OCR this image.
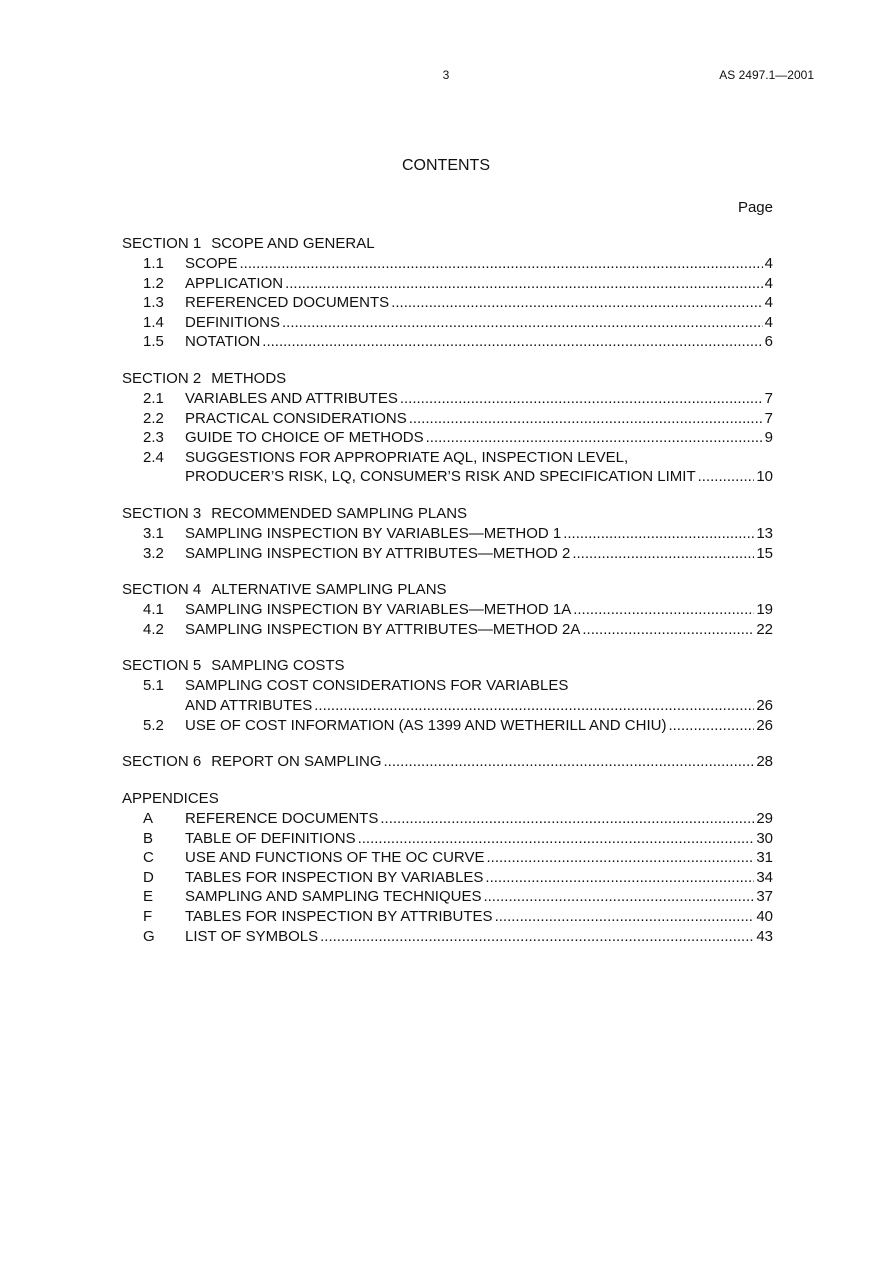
3	AS 2497.1—2001
CONTENTS
Page
SECTION 1 SCOPE AND GENERAL
1.1	SCOPE .....	4
1.2	APPLICATION .....	4
1.3	REFERENCED DOCUMENTS .....	4
1.4	DEFINITIONS .....	4
1.5	NOTATION .....	6
SECTION 2 METHODS
2.1	VARIABLES AND ATTRIBUTES .....	7
2.2	PRACTICAL CONSIDERATIONS .....	7
2.3	GUIDE TO CHOICE OF METHODS .....	9
2.4	SUGGESTIONS FOR APPROPRIATE AQL, INSPECTION LEVEL,
PRODUCER’S RISK, LQ, CONSUMER’S RISK AND SPECIFICATION LIMIT .....	10
SECTION 3 RECOMMENDED SAMPLING PLANS
3.1	SAMPLING INSPECTION BY VARIABLES—METHOD 1 .....	13
3.2	SAMPLING INSPECTION BY ATTRIBUTES—METHOD 2 .....	15
SECTION 4 ALTERNATIVE SAMPLING PLANS
4.1	SAMPLING INSPECTION BY VARIABLES—METHOD 1A .....	19
4.2	SAMPLING INSPECTION BY ATTRIBUTES—METHOD 2A .....	22
SECTION 5 SAMPLING COSTS
5.1	SAMPLING COST CONSIDERATIONS FOR VARIABLES
AND ATTRIBUTES .....	26
5.2	USE OF COST INFORMATION (AS 1399 AND WETHERILL AND CHIU) .....	26
SECTION 6 REPORT ON SAMPLING .....	28
APPENDICES
A	REFERENCE DOCUMENTS .....	29
B	TABLE OF DEFINITIONS .....	30
C	USE AND FUNCTIONS OF THE OC CURVE .....	31
D	TABLES FOR INSPECTION BY VARIABLES .....	34
E	SAMPLING AND SAMPLING TECHNIQUES .....	37
F	TABLES FOR INSPECTION BY ATTRIBUTES .....	40
G	LIST OF SYMBOLS .....	43
